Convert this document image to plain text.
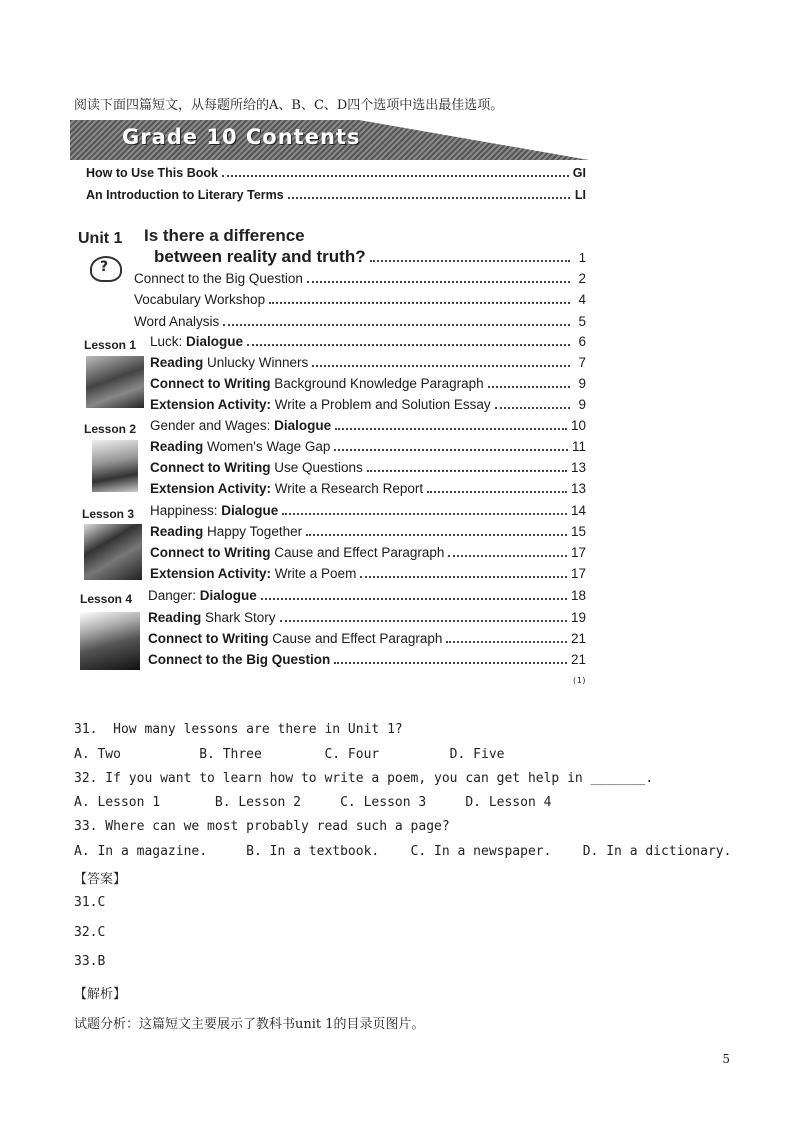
阅读下面四篇短文，从每题所给的A、B、C、D四个选项中选出最佳选项。
Grade 10 Contents
How to Use This Book	GI
An Introduction to Literary Terms	LI
Unit 1 Is there a difference
?
between reality and truth?	1
Connect to the Big Question	2
Vocabulary Workshop	4
Word Analysis	5
Lesson 1 Luck: Dialogue	6
Reading Unlucky Winners	7
Connect to Writing Background Knowledge Paragraph	9
Extension Activity: Write a Problem and Solution Essay	9
Lesson 2 Gender and Wages: Dialogue	10
Reading Women's Wage Gap	11
Connect to Writing Use Questions	13
Extension Activity: Write a Research Report	13
Lesson 3 Happiness: Dialogue	14
Reading Happy Together	15
Connect to Writing Cause and Effect Paragraph	17
Extension Activity: Write a Poem	17
Lesson 4 Danger: Dialogue	18
Reading Shark Story	19
Connect to Writing Cause and Effect Paragraph	21
Connect to the Big Question	21
(1)
31.  How many lessons are there in Unit 1?
A. Two          B. Three        C. Four         D. Five
32. If you want to learn how to write a poem, you can get help in _______.
A. Lesson 1       B. Lesson 2     C. Lesson 3     D. Lesson 4
33. Where can we most probably read such a page?
A. In a magazine.     B. In a textbook.    C. In a newspaper.    D. In a dictionary.
【答案】
31.C
32.C
33.B
【解析】
试题分析：这篇短文主要展示了教科书unit 1的目录页图片。
5
